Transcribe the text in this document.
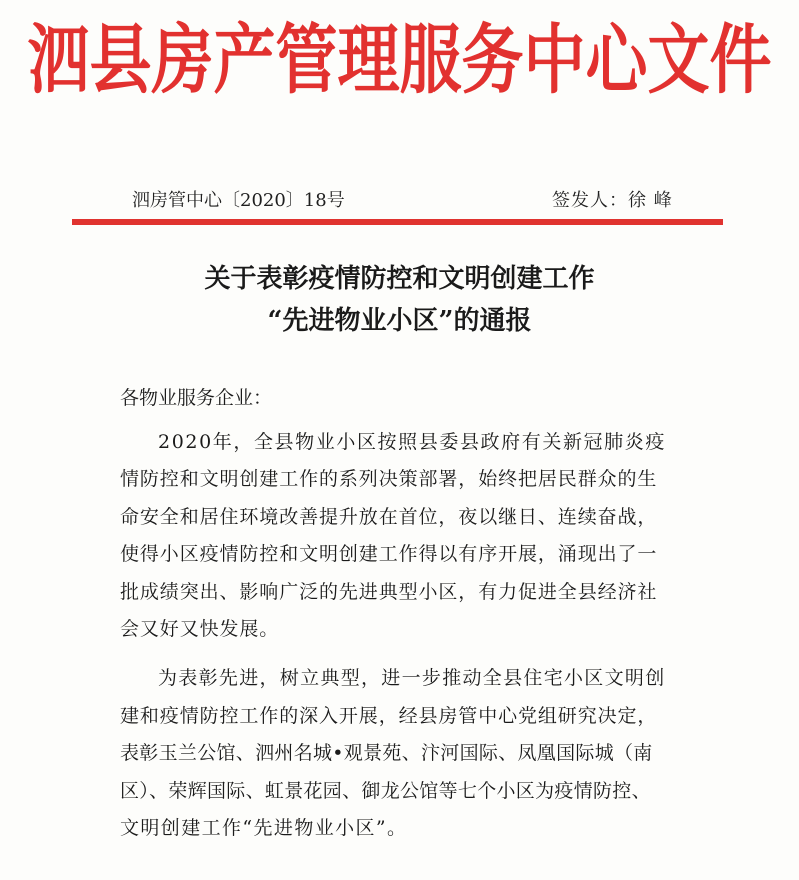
泗县房产管理服务中心文件
泗房管中心〔2020〕18号	签发人：徐 峰
关于表彰疫情防控和文明创建工作
“先进物业小区”的通报
各物业服务企业：
2020年，全县物业小区按照县委县政府有关新冠肺炎疫
情防控和文明创建工作的系列决策部署，始终把居民群众的生
命安全和居住环境改善提升放在首位，夜以继日、连续奋战，
使得小区疫情防控和文明创建工作得以有序开展，涌现出了一
批成绩突出、影响广泛的先进典型小区，有力促进全县经济社
会又好又快发展。
为表彰先进，树立典型，进一步推动全县住宅小区文明创
建和疫情防控工作的深入开展，经县房管中心党组研究决定，
表彰玉兰公馆、泗州名城•观景苑、汴河国际、凤凰国际城（南
区）、荣辉国际、虹景花园、御龙公馆等七个小区为疫情防控、
文明创建工作“先进物业小区”。
